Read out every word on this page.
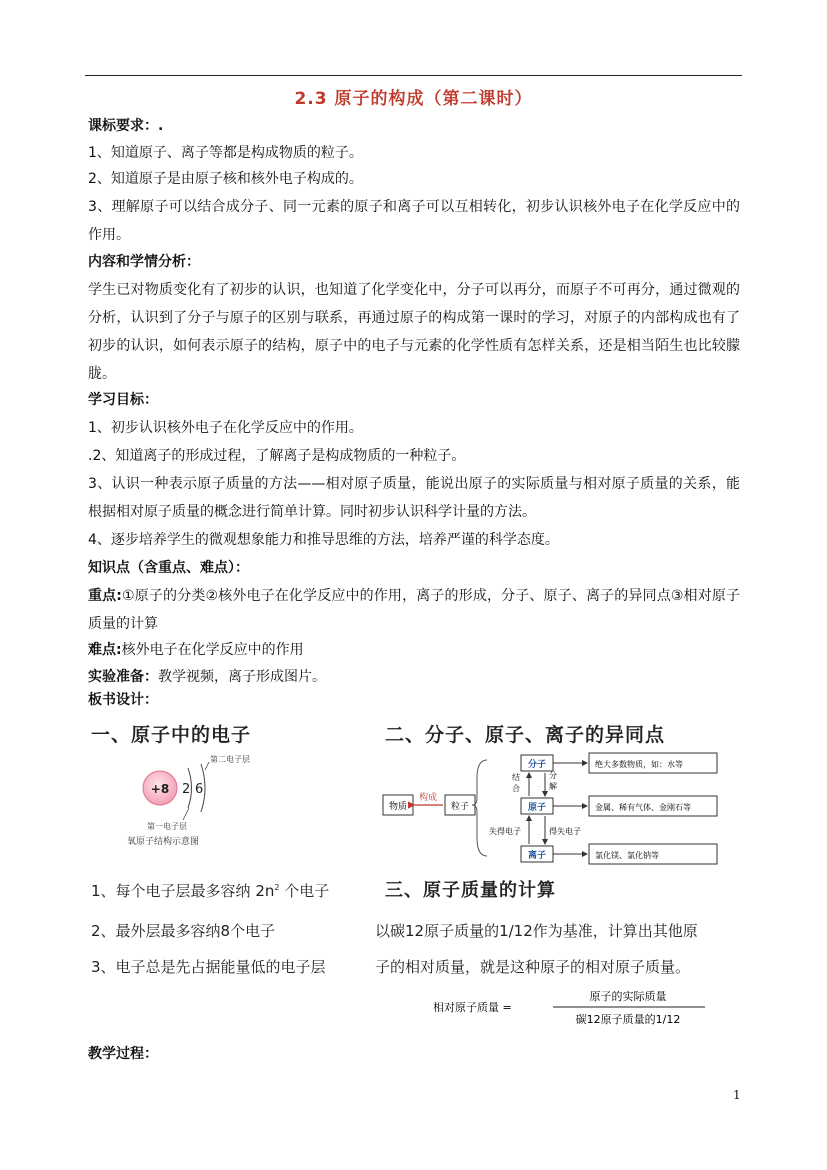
2.3 原子的构成（第二课时）
课标要求：.
1、知道原子、离子等都是构成物质的粒子。
2、知道原子是由原子核和核外电子构成的。
3、理解原子可以结合成分子、同一元素的原子和离子可以互相转化，初步认识核外电子在化学反应中的作用。
内容和学情分析：
学生已对物质变化有了初步的认识，也知道了化学变化中，分子可以再分，而原子不可再分，通过微观的分析，认识到了分子与原子的区别与联系，再通过原子的构成第一课时的学习，对原子的内部构成也有了初步的认识，如何表示原子的结构，原子中的电子与元素的化学性质有怎样关系，还是相当陌生也比较朦胧。
学习目标：
1、初步认识核外电子在化学反应中的作用。
.2、知道离子的形成过程，了解离子是构成物质的一种粒子。
3、认识一种表示原子质量的方法——相对原子质量，能说出原子的实际质量与相对原子质量的关系，能根据相对原子质量的概念进行简单计算。同时初步认识科学计量的方法。
4、逐步培养学生的微观想象能力和推导思维的方法，培养严谨的科学态度。
知识点（含重点、难点）：
重点:①原子的分类②核外电子在化学反应中的作用，离子的形成，分子、原子、离子的异同点③相对原子质量的计算
难点:核外电子在化学反应中的作用
实验准备：教学视频，离子形成图片。
板书设计：
一、原子中的电子
+8 2 6
第二电子层
第一电子层
氧原子结构示意图
1、每个电子层最多容纳 $2n^2$ 个电子
2、最外层最多容纳8个电子
3、电子总是先占据能量低的电子层
二、分子、原子、离子的异同点
物质
构成
粒子
分子
原子
离子
结
合
分
解
失得电子	得失电子
绝大多数物质，如：水等
金属、稀有气体、金刚石等
氯化镁、氯化钠等
三、原子质量的计算
以碳12原子质量的1/12作为基准，计算出其他原
子的相对质量，就是这种原子的相对原子质量。
相对原子质量 =
原子的实际质量
碳12原子质量的1/12
教学过程：
1
